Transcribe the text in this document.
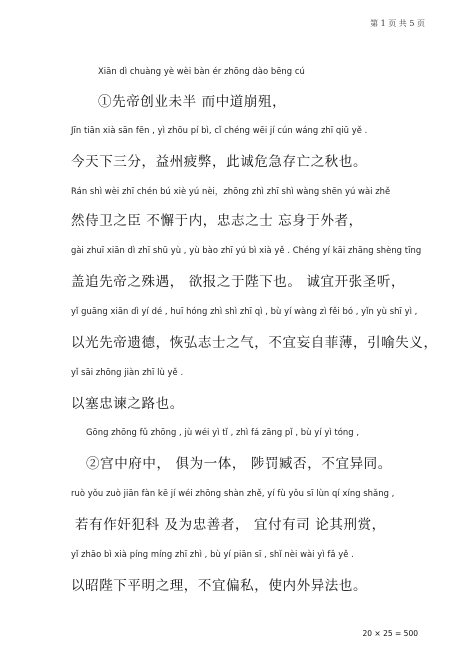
第 1 页 共 5 页
Xiān dì chuàng yè wèi bàn ér zhōng dào bēng cú
①先帝创业未半 而中道崩殂，
Jīn tiān xià sān fēn , yì zhōu pí bì, cǐ chéng wēi jí cún wáng zhī qiū yě .
今天下三分，益州疲弊，此诚危急存亡之秋也。
Rán shì wèi zhī chén bú xiè yú nèi，zhōng zhì zhī shì wàng shēn yú wài zhě
然侍卫之臣 不懈于内，忠志之士 忘身于外者，
gài zhuī xiān dì zhī shū yù , yù bào zhī yú bì xià yě . Chéng yí kāi zhāng shèng tīng
盖追先帝之殊遇， 欲报之于陛下也。 诚宜开张圣听，
yǐ guāng xiān dì yí dé , huī hóng zhì shì zhī qì , bù yí wàng zì fěi bó , yǐn yù shī yì ,
以光先帝遗德，恢弘志士之气，不宜妄自菲薄，引喻失义，
yǐ sāi zhōng jiàn zhī lù yě .
以塞忠谏之路也。
Gōng zhōng fǔ zhōng , jù wéi yì tǐ , zhì fá zāng pǐ , bù yí yì tóng ,
②宫中府中， 俱为一体， 陟罚臧否，不宜异同。
ruò yǒu zuò jiān fàn kē jí wéi zhōng shàn zhě, yí fù yǒu sī lùn qí xíng shǎng ,
若有作奸犯科 及为忠善者， 宜付有司 论其刑赏，
yǐ zhāo bì xià píng míng zhī zhì , bù yí piān sī , shǐ nèi wài yì fǎ yě .
以昭陛下平明之理，不宜偏私，使内外异法也。
20 × 25 = 500
